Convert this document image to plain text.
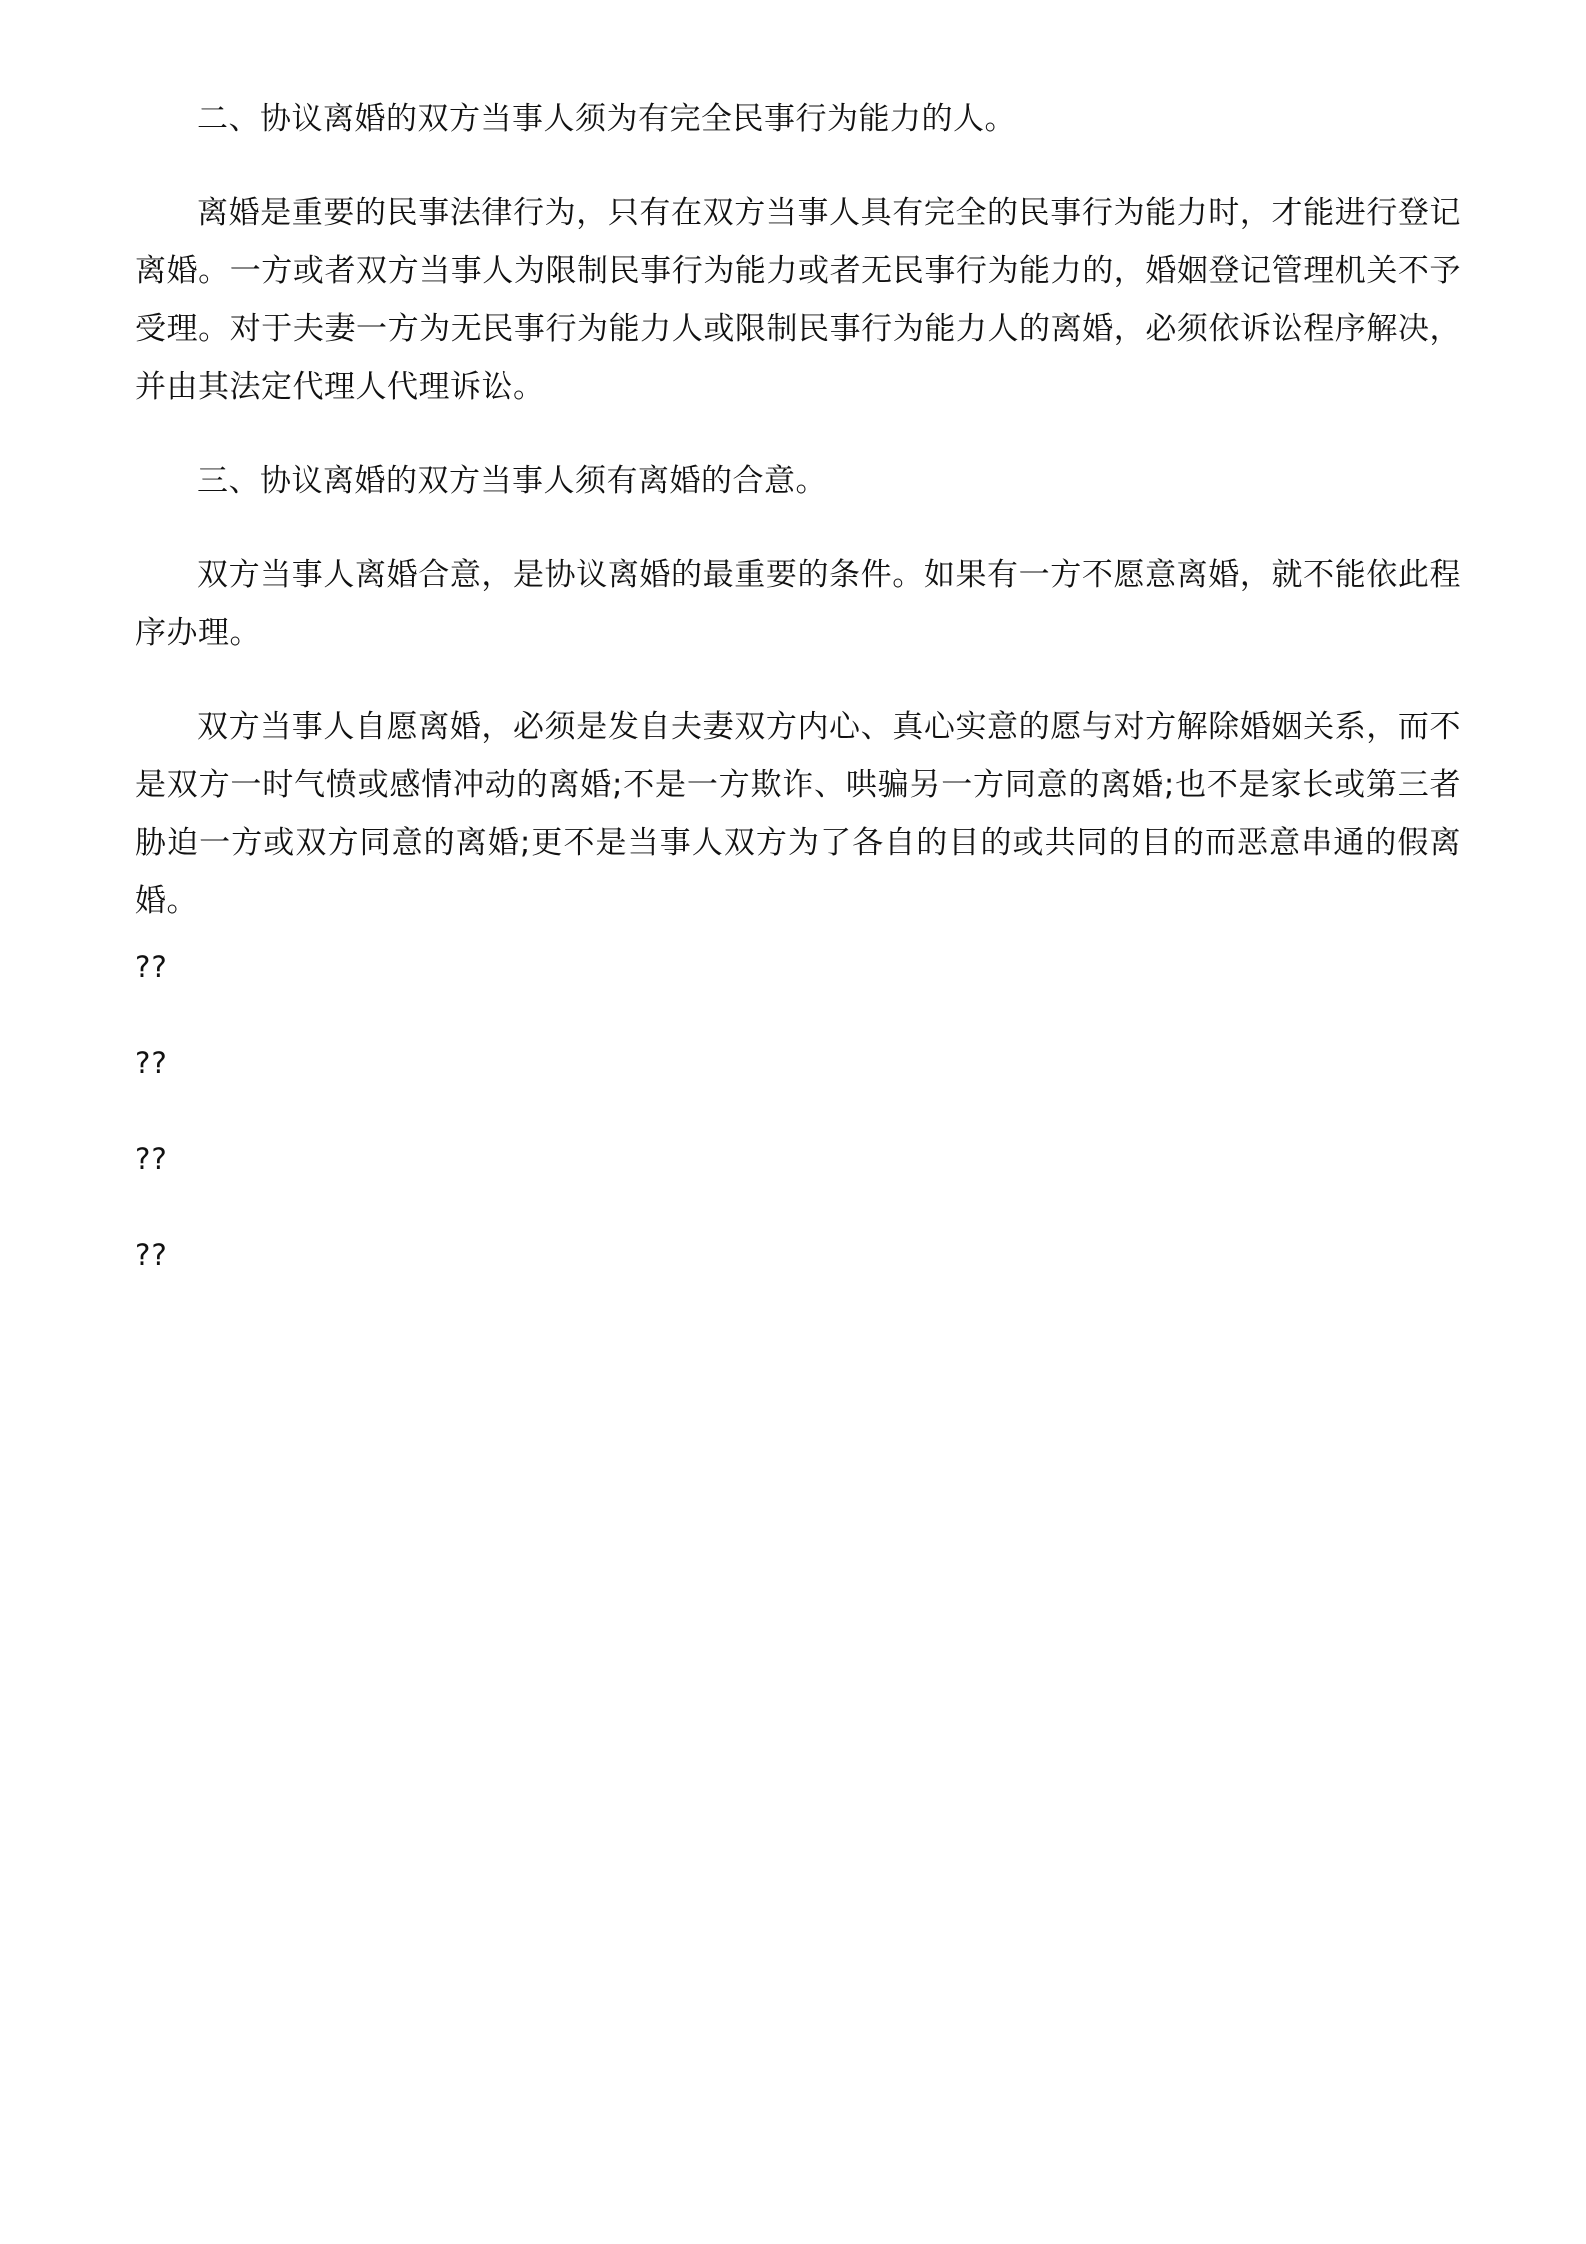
二、协议离婚的双方当事人须为有完全民事行为能力的人。

离婚是重要的民事法律行为，只有在双方当事人具有完全的民事行为能力时，才能进行登记离婚。一方或者双方当事人为限制民事行为能力或者无民事行为能力的，婚姻登记管理机关不予受理。对于夫妻一方为无民事行为能力人或限制民事行为能力人的离婚，必须依诉讼程序解决，并由其法定代理人代理诉讼。

三、协议离婚的双方当事人须有离婚的合意。

双方当事人离婚合意，是协议离婚的最重要的条件。如果有一方不愿意离婚，就不能依此程序办理。

双方当事人自愿离婚，必须是发自夫妻双方内心、真心实意的愿与对方解除婚姻关系，而不是双方一时气愤或感情冲动的离婚;不是一方欺诈、哄骗另一方同意的离婚;也不是家长或第三者胁迫一方或双方同意的离婚;更不是当事人双方为了各自的目的或共同的目的而恶意串通的假离婚。

??
??
??
??
